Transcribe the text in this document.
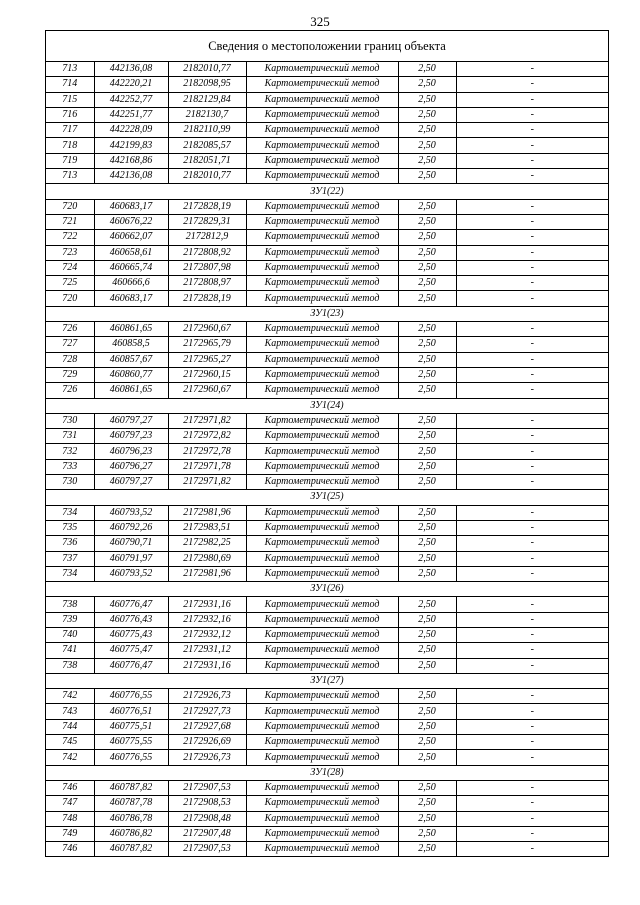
325
Сведения о местоположении границ объекта
713	442136,08	2182010,77	Картометрический метод	2,50	-
714	442220,21	2182098,95	Картометрический метод	2,50	-
715	442252,77	2182129,84	Картометрический метод	2,50	-
716	442251,77	2182130,7	Картометрический метод	2,50	-
717	442228,09	2182110,99	Картометрический метод	2,50	-
718	442199,83	2182085,57	Картометрический метод	2,50	-
719	442168,86	2182051,71	Картометрический метод	2,50	-
713	442136,08	2182010,77	Картометрический метод	2,50	-
ЗУ1(22)					
720	460683,17	2172828,19	Картометрический метод	2,50	-
721	460676,22	2172829,31	Картометрический метод	2,50	-
722	460662,07	2172812,9	Картометрический метод	2,50	-
723	460658,61	2172808,92	Картометрический метод	2,50	-
724	460665,74	2172807,98	Картометрический метод	2,50	-
725	460666,6	2172808,97	Картометрический метод	2,50	-
720	460683,17	2172828,19	Картометрический метод	2,50	-
ЗУ1(23)					
726	460861,65	2172960,67	Картометрический метод	2,50	-
727	460858,5	2172965,79	Картометрический метод	2,50	-
728	460857,67	2172965,27	Картометрический метод	2,50	-
729	460860,77	2172960,15	Картометрический метод	2,50	-
726	460861,65	2172960,67	Картометрический метод	2,50	-
ЗУ1(24)					
730	460797,27	2172971,82	Картометрический метод	2,50	-
731	460797,23	2172972,82	Картометрический метод	2,50	-
732	460796,23	2172972,78	Картометрический метод	2,50	-
733	460796,27	2172971,78	Картометрический метод	2,50	-
730	460797,27	2172971,82	Картометрический метод	2,50	-
ЗУ1(25)					
734	460793,52	2172981,96	Картометрический метод	2,50	-
735	460792,26	2172983,51	Картометрический метод	2,50	-
736	460790,71	2172982,25	Картометрический метод	2,50	-
737	460791,97	2172980,69	Картометрический метод	2,50	-
734	460793,52	2172981,96	Картометрический метод	2,50	-
ЗУ1(26)					
738	460776,47	2172931,16	Картометрический метод	2,50	-
739	460776,43	2172932,16	Картометрический метод	2,50	-
740	460775,43	2172932,12	Картометрический метод	2,50	-
741	460775,47	2172931,12	Картометрический метод	2,50	-
738	460776,47	2172931,16	Картометрический метод	2,50	-
ЗУ1(27)					
742	460776,55	2172926,73	Картометрический метод	2,50	-
743	460776,51	2172927,73	Картометрический метод	2,50	-
744	460775,51	2172927,68	Картометрический метод	2,50	-
745	460775,55	2172926,69	Картометрический метод	2,50	-
742	460776,55	2172926,73	Картометрический метод	2,50	-
ЗУ1(28)					
746	460787,82	2172907,53	Картометрический метод	2,50	-
747	460787,78	2172908,53	Картометрический метод	2,50	-
748	460786,78	2172908,48	Картометрический метод	2,50	-
749	460786,82	2172907,48	Картометрический метод	2,50	-
746	460787,82	2172907,53	Картометрический метод	2,50	-
